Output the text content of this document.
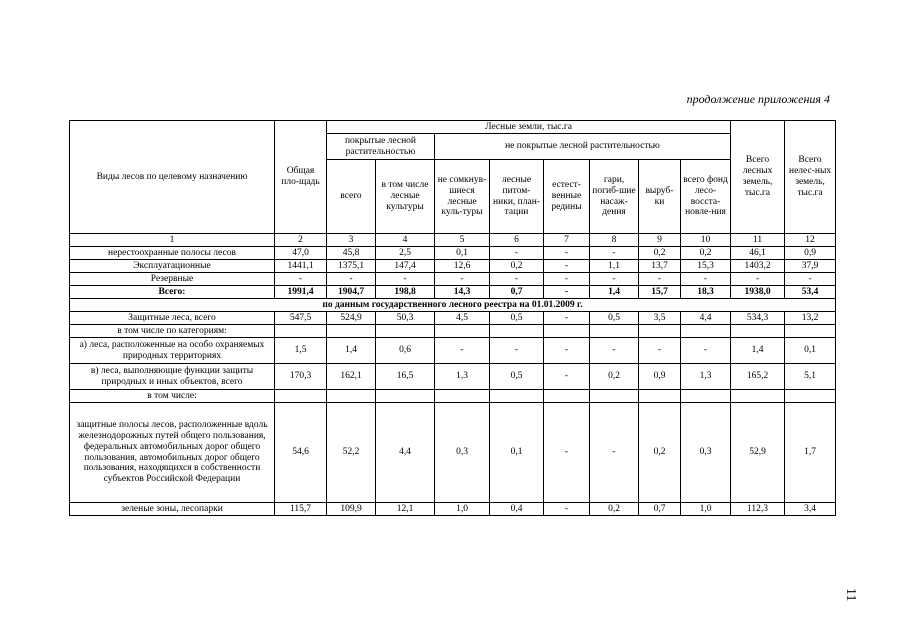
продолжение приложения 4
Виды лесов по целевому назначению	Общая пло-щадь	Лесные земли, тыс.га								Всего лесных земель, тыс.га	Всего нелес-ных земель, тыс.га
		покрытые лесной растительностью		не покрытые лесной растительностью							
		всего	в том числе лесные культуры	не сомкнув-шиеся лесные куль-туры	лесные питом-ники, план-тации	естест-венные редины	гари, погиб-шие насаж-дения	выруб-ки	всего фонд лесо-восста-новле-ния		

1	2	3	4	5	6	7	8	9	10	11	12
нерестоохранные полосы лесов	47,0	45,8	2,5	0,1	-	-	-	0,2	0,2	46,1	0,9
Эксплуатационные	1441,1	1375,1	147,4	12,6	0,2	-	1,1	13,7	15,3	1403,2	37,9
Резервные	-	-	-	-	-	-	-	-	-	-	-
Всего:	1991,4	1904,7	198,8	14,3	0,7	-	1,4	15,7	18,3	1938,0	53,4
по данным государственного лесного реестра на 01.01.2009 г.											
Защитные леса, всего	547,5	524,9	50,3	4,5	0,5	-	0,5	3,5	4,4	534,3	13,2
в том числе по категориям:											
а) леса, расположенные на особо охраняемых природных территориях	1,5	1,4	0,6	-	-	-	-	-	-	1,4	0,1
в) леса, выполняющие функции защиты природных и иных объектов, всего	170,3	162,1	16,5	1,3	0,5	-	0,2	0,9	1,3	165,2	5,1
в том числе:											
защитные полосы лесов, расположенные вдоль железнодорожных путей общего пользования, федеральных автомобильных дорог общего пользования, автомобильных дорог общего пользования, находящихся в собственности субъектов Российской Федерации	54,6	52,2	4,4	0,3	0,1	-	-	0,2	0,3	52,9	1,7
зеленые зоны, лесопарки	115,7	109,9	12,1	1,0	0,4	-	0,2	0,7	1,0	112,3	3,4
11
